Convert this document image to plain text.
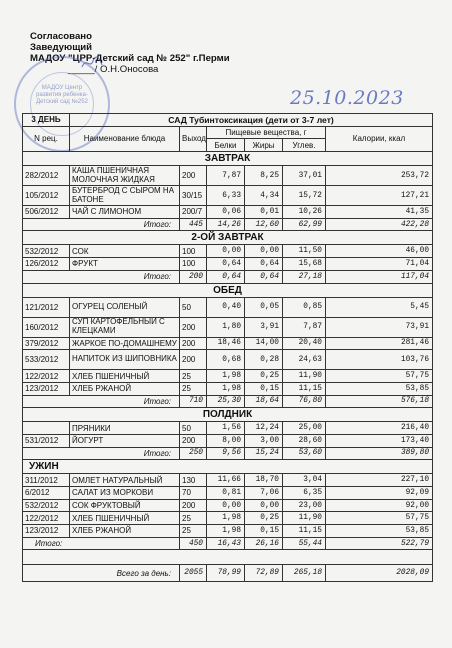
Согласовано
Заведующий
МАДОУ "ЦРР-Детский сад № 252" г.Перми
_____/ О.Н.Оносова
МАДОУ Центр развития ребенка-Детский сад №252	25.10.2023
3 ДЕНЬ	САД Тубинтоксикация (дети от 3-7 лет)					
N рец.	Наименование блюда	Выход	Пищевые вещества, г			Калории, ккал
			Белки	Жиры	Углев.	
ЗАВТРАК						
282/2012	КАША ПШЕНИЧНАЯ МОЛОЧНАЯ ЖИДКАЯ	200	7,87	8,25	37,01	253,72
105/2012	БУТЕРБРОД С СЫРОМ НА БАТОНЕ	30/15	6,33	4,34	15,72	127,21
506/2012	ЧАЙ С ЛИМОНОМ	200/7	0,06	0,01	10,26	41,35
Итого:		445	14,26	12,60	62,99	422,28
2-ОЙ ЗАВТРАК						
532/2012	СОК	100	0,00	0,00	11,50	46,00
126/2012	ФРУКТ	100	0,64	0,64	15,68	71,04
Итого:		200	0,64	0,64	27,18	117,04
ОБЕД						
121/2012	ОГУРЕЦ СОЛЕНЫЙ	50	0,40	0,05	0,85	5,45
160/2012	СУП КАРТОФЕЛЬНЫЙ С КЛЕЦКАМИ	200	1,80	3,91	7,87	73,91
379/2012	ЖАРКОЕ ПО-ДОМАШНЕМУ	200	18,46	14,00	20,40	281,46
533/2012	НАПИТОК ИЗ ШИПОВНИКА	200	0,68	0,28	24,63	103,76
122/2012	ХЛЕБ ПШЕНИЧНЫЙ	25	1,98	0,25	11,90	57,75
123/2012	ХЛЕБ РЖАНОЙ	25	1,98	0,15	11,15	53,85
Итого:		710	25,30	18,64	76,80	576,18
ПОЛДНИК						
	ПРЯНИКИ	50	1,56	12,24	25,00	216,40
531/2012	ЙОГУРТ	200	8,00	3,00	28,60	173,40
Итого:		250	9,56	15,24	53,60	389,80
УЖИН						
311/2012	ОМЛЕТ НАТУРАЛЬНЫЙ	130	11,66	18,70	3,04	227,10
6/2012	САЛАТ ИЗ МОРКОВИ	70	0,81	7,06	6,35	92,09
532/2012	СОК ФРУКТОВЫЙ	200	0,00	0,00	23,00	92,00
122/2012	ХЛЕБ ПШЕНИЧНЫЙ	25	1,98	0,25	11,90	57,75
123/2012	ХЛЕБ РЖАНОЙ	25	1,98	0,15	11,15	53,85
Итого:		450	16,43	26,16	55,44	522,79

Всего за день:		2055	78,99	72,89	265,18	2028,09
